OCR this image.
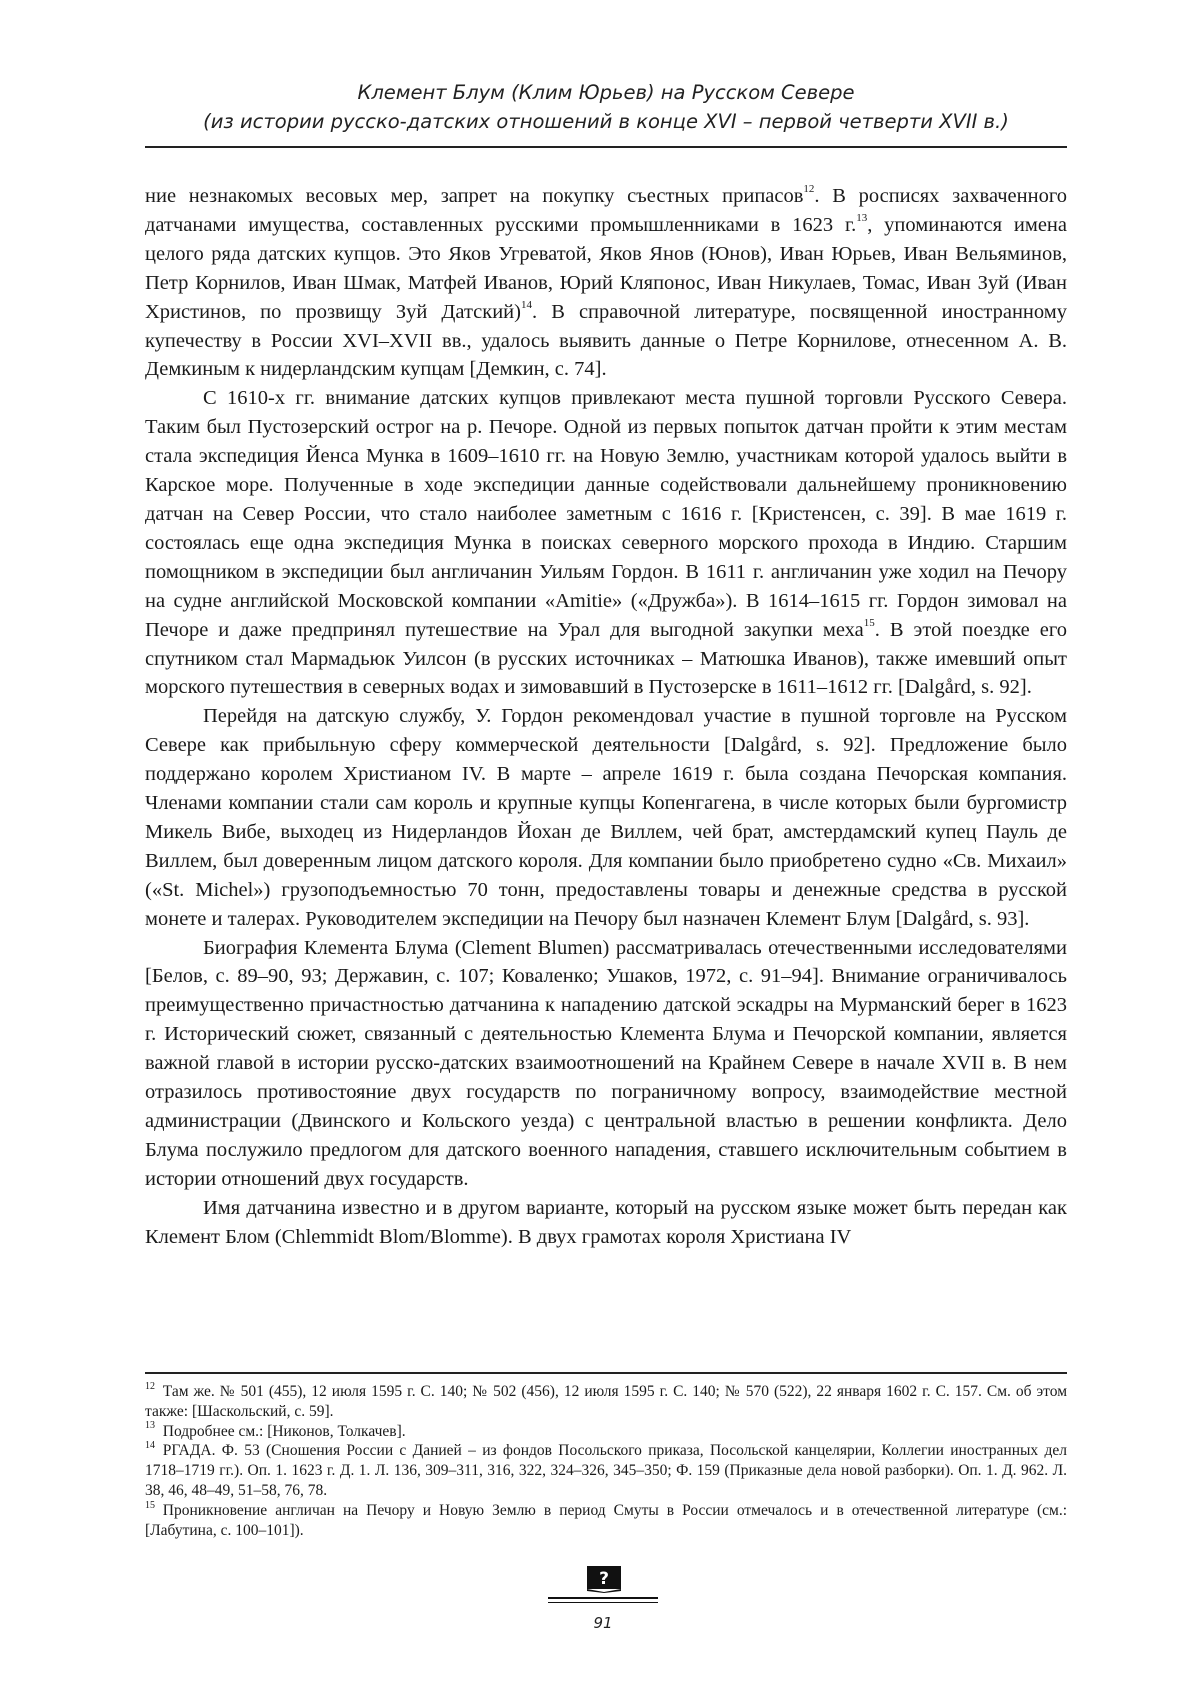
Клемент Блум (Клим Юрьев) на Русском Севере
(из истории русско-датских отношений в конце XVI – первой четверти XVII в.)

ние незнакомых весовых мер, запрет на покупку съестных припасов$^{12}$. В росписях захваченного датчанами имущества, составленных русскими промышленниками в 1623 г.$^{13}$, упоминаются имена целого ряда датских купцов. Это Яков Угреватой, Яков Янов (Юнов), Иван Юрьев, Иван Вельяминов, Петр Корнилов, Иван Шмак, Матфей Иванов, Юрий Кляпонос, Иван Никулаев, Томас, Иван Зуй (Иван Христинов, по прозвищу Зуй Датский)$^{14}$. В справочной литературе, посвященной иностранному купечеству в России XVI–XVII вв., удалось выявить данные о Петре Корнилове, отнесенном А. В. Демкиным к нидерландским купцам [Демкин, с. 74].

С 1610-х гг. внимание датских купцов привлекают места пушной торговли Русского Севера. Таким был Пустозерский острог на р. Печоре. Одной из первых попыток датчан пройти к этим местам стала экспедиция Йенса Мунка в 1609–1610 гг. на Новую Землю, участникам которой удалось выйти в Карское море. Полученные в ходе экспедиции данные содействовали дальнейшему проникновению датчан на Север России, что стало наиболее заметным с 1616 г. [Кристенсен, с. 39]. В мае 1619 г. состоялась еще одна экспедиция Мунка в поисках северного морского прохода в Индию. Старшим помощником в экспедиции был англичанин Уильям Гордон. В 1611 г. англичанин уже ходил на Печору на судне английской Московской компании «Amitie» («Дружба»). В 1614–1615 гг. Гордон зимовал на Печоре и даже предпринял путешествие на Урал для выгодной закупки меха$^{15}$. В этой поездке его спутником стал Мармадьюк Уилсон (в русских источниках – Матюшка Иванов), также имевший опыт морского путешествия в северных водах и зимовавший в Пустозерске в 1611–1612 гг. [Dalgård, s. 92].

Перейдя на датскую службу, У. Гордон рекомендовал участие в пушной торговле на Русском Севере как прибыльную сферу коммерческой деятельности [Dalgård, s. 92]. Предложение было поддержано королем Христианом IV. В марте – апреле 1619 г. была создана Печорская компания. Членами компании стали сам король и крупные купцы Копенгагена, в числе которых были бургомистр Микель Вибе, выходец из Нидерландов Йохан де Виллем, чей брат, амстердамский купец Пауль де Виллем, был доверенным лицом датского короля. Для компании было приобретено судно «Св. Михаил» («St. Michel») грузоподъемностью 70 тонн, предоставлены товары и денежные средства в русской монете и талерах. Руководителем экспедиции на Печору был назначен Клемент Блум [Dalgård, s. 93].

Биография Клемента Блума (Clement Blumen) рассматривалась отечественными исследователями [Белов, с. 89–90, 93; Державин, с. 107; Коваленко; Ушаков, 1972, с. 91–94]. Внимание ограничивалось преимущественно причастностью датчанина к нападению датской эскадры на Мурманский берег в 1623 г. Исторический сюжет, связанный с деятельностью Клемента Блума и Печорской компании, является важной главой в истории русско-датских взаимоотношений на Крайнем Севере в начале XVII в. В нем отразилось противостояние двух государств по пограничному вопросу, взаимодействие местной администрации (Двинского и Кольского уезда) с центральной властью в решении конфликта. Дело Блума послужило предлогом для датского военного нападения, ставшего исключительным событием в истории отношений двух государств.

Имя датчанина известно и в другом варианте, который на русском языке может быть передан как Клемент Блом (Chlemmidt Blom/Blomme). В двух грамотах короля Христиана IV

$^{12}$  Там же. № 501 (455), 12 июля 1595 г. С. 140; № 502 (456), 12 июля 1595 г. С. 140; № 570 (522), 22 января 1602 г. С. 157. См. об этом также: [Шаскольский, с. 59].

$^{13}$  Подробнее см.: [Никонов, Толкачев].

$^{14}$  РГАДА. Ф. 53 (Сношения России с Данией – из фондов Посольского приказа, Посольской канцелярии, Коллегии иностранных дел 1718–1719 гг.). Оп. 1. 1623 г. Д. 1. Л. 136, 309–311, 316, 322, 324–326, 345–350; Ф. 159 (Приказные дела новой разборки). Оп. 1. Д. 962. Л. 38, 46, 48–49, 51–58, 76, 78.

$^{15}$  Проникновение англичан на Печору и Новую Землю в период Смуты в России отмечалось и в отечественной литературе (см.: [Лабутина, с. 100–101]).

?
91
